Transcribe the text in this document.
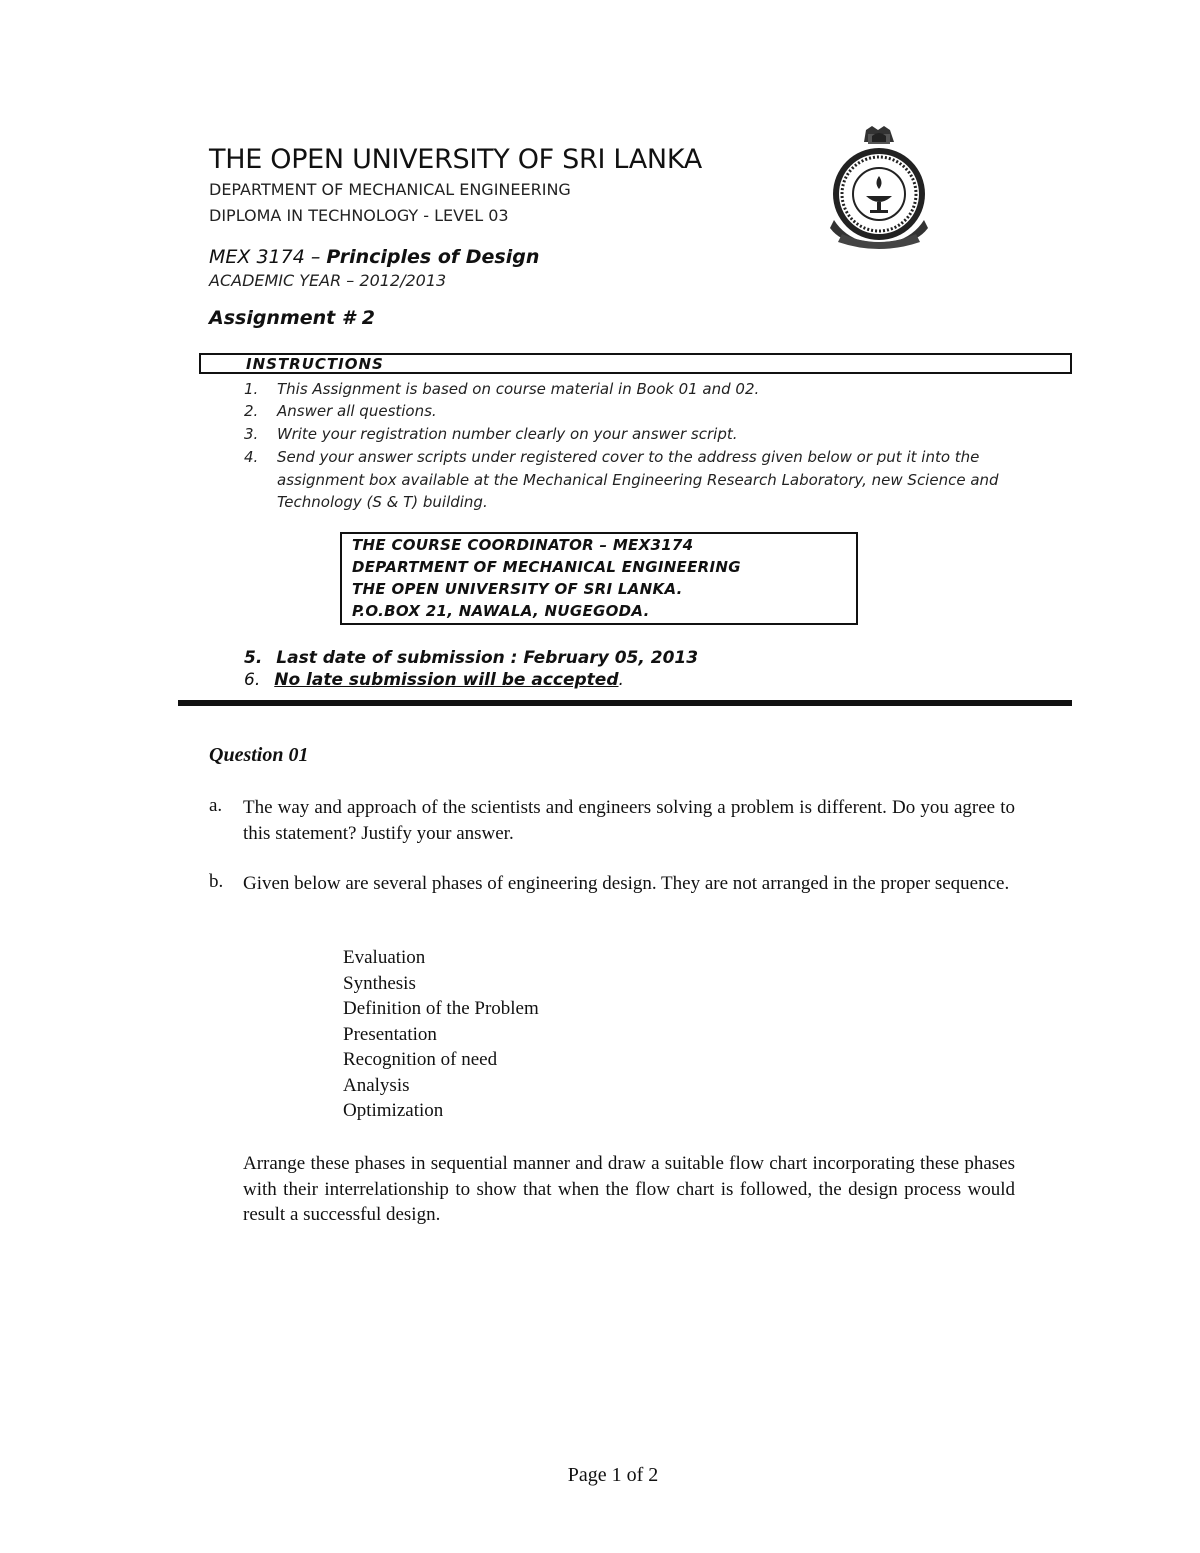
THE OPEN UNIVERSITY OF SRI LANKA
DEPARTMENT OF MECHANICAL ENGINEERING
DIPLOMA IN TECHNOLOGY - LEVEL 03
MEX 3174 – Principles of Design
ACADEMIC YEAR – 2012/2013
Assignment # 2
INSTRUCTIONS
1. This Assignment is based on course material in Book 01 and 02.
2. Answer all questions.
3. Write your registration number clearly on your answer script.
4. Send your answer scripts under registered cover to the address given below or put it into the assignment box available at the Mechanical Engineering Research Laboratory, new Science and Technology (S & T) building.
THE COURSE COORDINATOR – MEX3174
DEPARTMENT OF MECHANICAL ENGINEERING
THE OPEN UNIVERSITY OF SRI LANKA.
P.O.BOX 21, NAWALA, NUGEGODA.
5. Last date of submission : February 05, 2013
6. No late submission will be accepted.
Question 01
a. The way and approach of the scientists and engineers solving a problem is different. Do you agree to this statement? Justify your answer.
b. Given below are several phases of engineering design. They are not arranged in the proper sequence.
Evaluation
Synthesis
Definition of the Problem
Presentation
Recognition of need
Analysis
Optimization
Arrange these phases in sequential manner and draw a suitable flow chart incorporating these phases with their interrelationship to show that when the flow chart is followed, the design process would result a successful design.
Page 1 of 2
